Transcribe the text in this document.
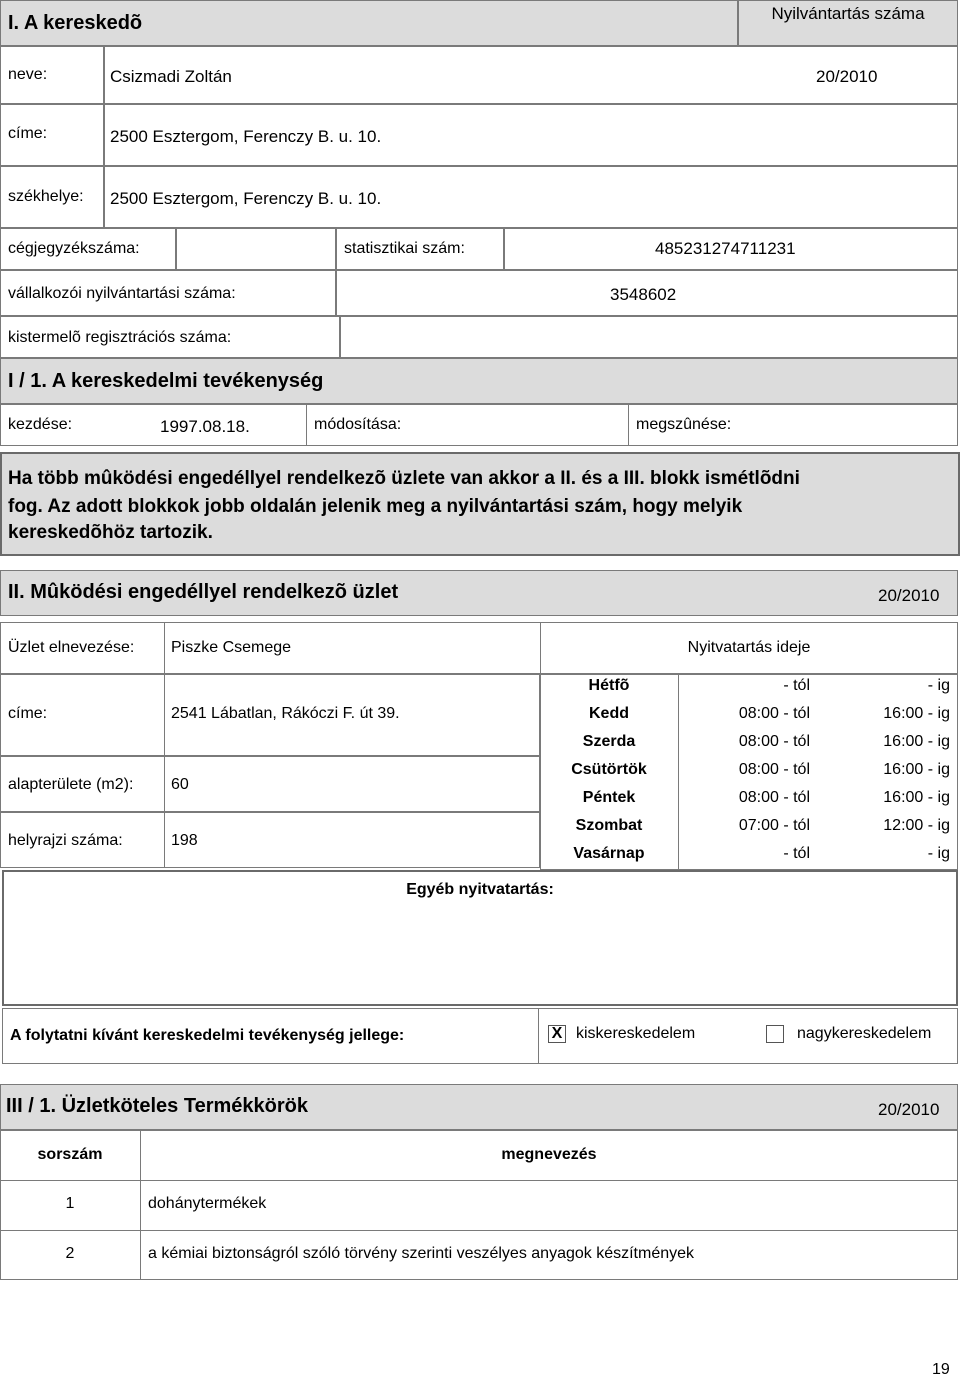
I. A kereskedõ	Nyilvántartás száma
neve:	Csizmadi Zoltán	20/2010
címe:	2500 Esztergom, Ferenczy B. u. 10.
székhelye: 2500 Esztergom, Ferenczy B. u. 10.
cégjegyzékszáma:	statisztikai szám:	485231274711231
vállalkozói nyilvántartási száma:	3548602
kistermelõ regisztrációs száma:
I / 1. A kereskedelmi tevékenység
kezdése:	1997.08.18.	módosítása:	megszûnése:
Ha több mûködési engedéllyel rendelkezõ üzlete van akkor a II. és a III. blokk ismétlõdni
fog. Az adott blokkok jobb oldalán jelenik meg a nyilvántartási szám, hogy melyik
kereskedõhöz tartozik.
II. Mûködési engedéllyel rendelkezõ üzlet	20/2010
Üzlet elnevezése: Piszke Csemege	Nyitvatartás ideje
címe:	2541 Lábatlan, Rákóczi F. út 39.
alapterülete (m2): 60
helyrajzi száma:	198
Hétfõ	- tól	- ig
Kedd	08:00 - tól	16:00 - ig
Szerda	08:00 - tól	16:00 - ig
Csütörtök	08:00 - tól	16:00 - ig
Péntek	08:00 - tól	16:00 - ig
Szombat	07:00 - tól	12:00 - ig
Vasárnap	- tól	- ig
Egyéb nyitvatartás:
A folytatni kívánt kereskedelmi tevékenység jellege:	X kiskereskedelem	nagykereskedelem
III / 1. Üzletköteles Termékkörök	20/2010
sorszám	megnevezés
1	dohánytermékek
2	a kémiai biztonságról szóló törvény szerinti veszélyes anyagok készítmények
19
